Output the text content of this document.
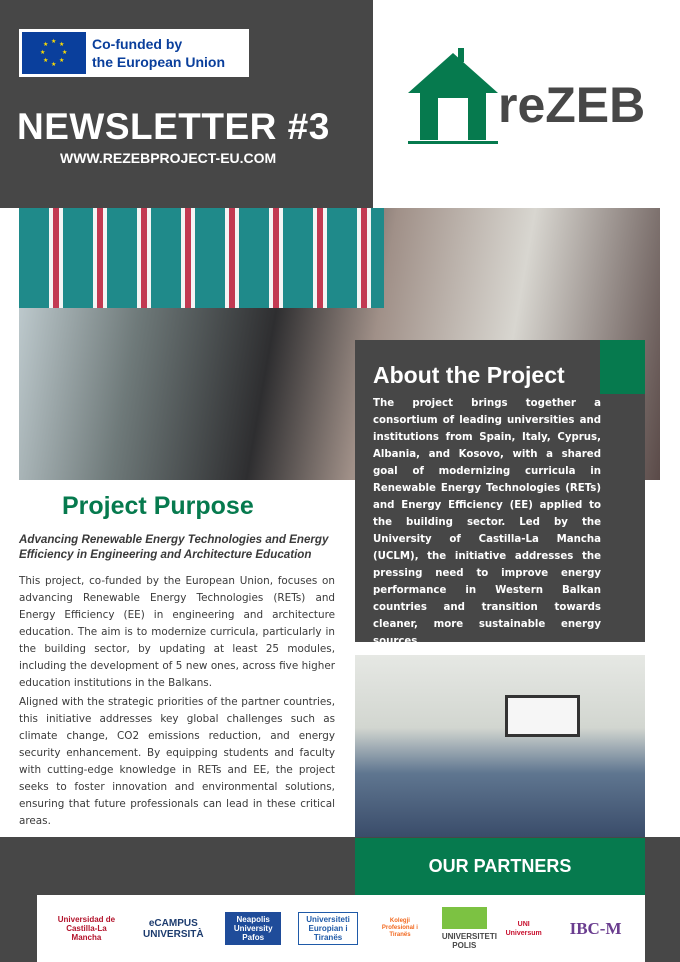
★ ★
★
★
★
★
★
★	Co-funded by
the European Union
NEWSLETTER #3
WWW.REZEBPROJECT-EU.COM
reZEB
About the Project

The project brings together a consortium of leading universities and institutions from Spain, Italy, Cyprus, Albania, and Kosovo, with a shared goal of modernizing curricula in Renewable Energy Technologies (RETs) and Energy Efficiency (EE) applied to the building sector. Led by the University of Castilla-La Mancha (UCLM), the initiative addresses the pressing need to improve energy performance in Western Balkan countries and transition towards cleaner, more sustainable energy sources.

Project Purpose
Advancing Renewable Energy Technologies and Energy Efficiency in Engineering and Architecture Education

This project, co-funded by the European Union, focuses on advancing Renewable Energy Technologies (RETs) and Energy Efficiency (EE) in engineering and architecture education. The aim is to modernize curricula, particularly in the building sector, by updating at least 25 modules, including the development of 5 new ones, across five higher education institutions in the Balkans.

Aligned with the strategic priorities of the partner countries, this initiative addresses key global challenges such as climate change, CO2 emissions reduction, and energy security enhancement. By equipping students and faculty with cutting-edge knowledge in RETs and EE, the project seeks to foster innovation and environmental solutions, ensuring that future professionals can lead in these critical areas.

OUR PARTNERS
Universidad de Castilla-La Mancha
eCAMPUS UNIVERSITÀ
Neapolis University Pafos
Universiteti Europian i Tiranës
Kolegji Profesional i Tiranës	UNIVERSITETI POLIS
UNI Universum	IBC-M
